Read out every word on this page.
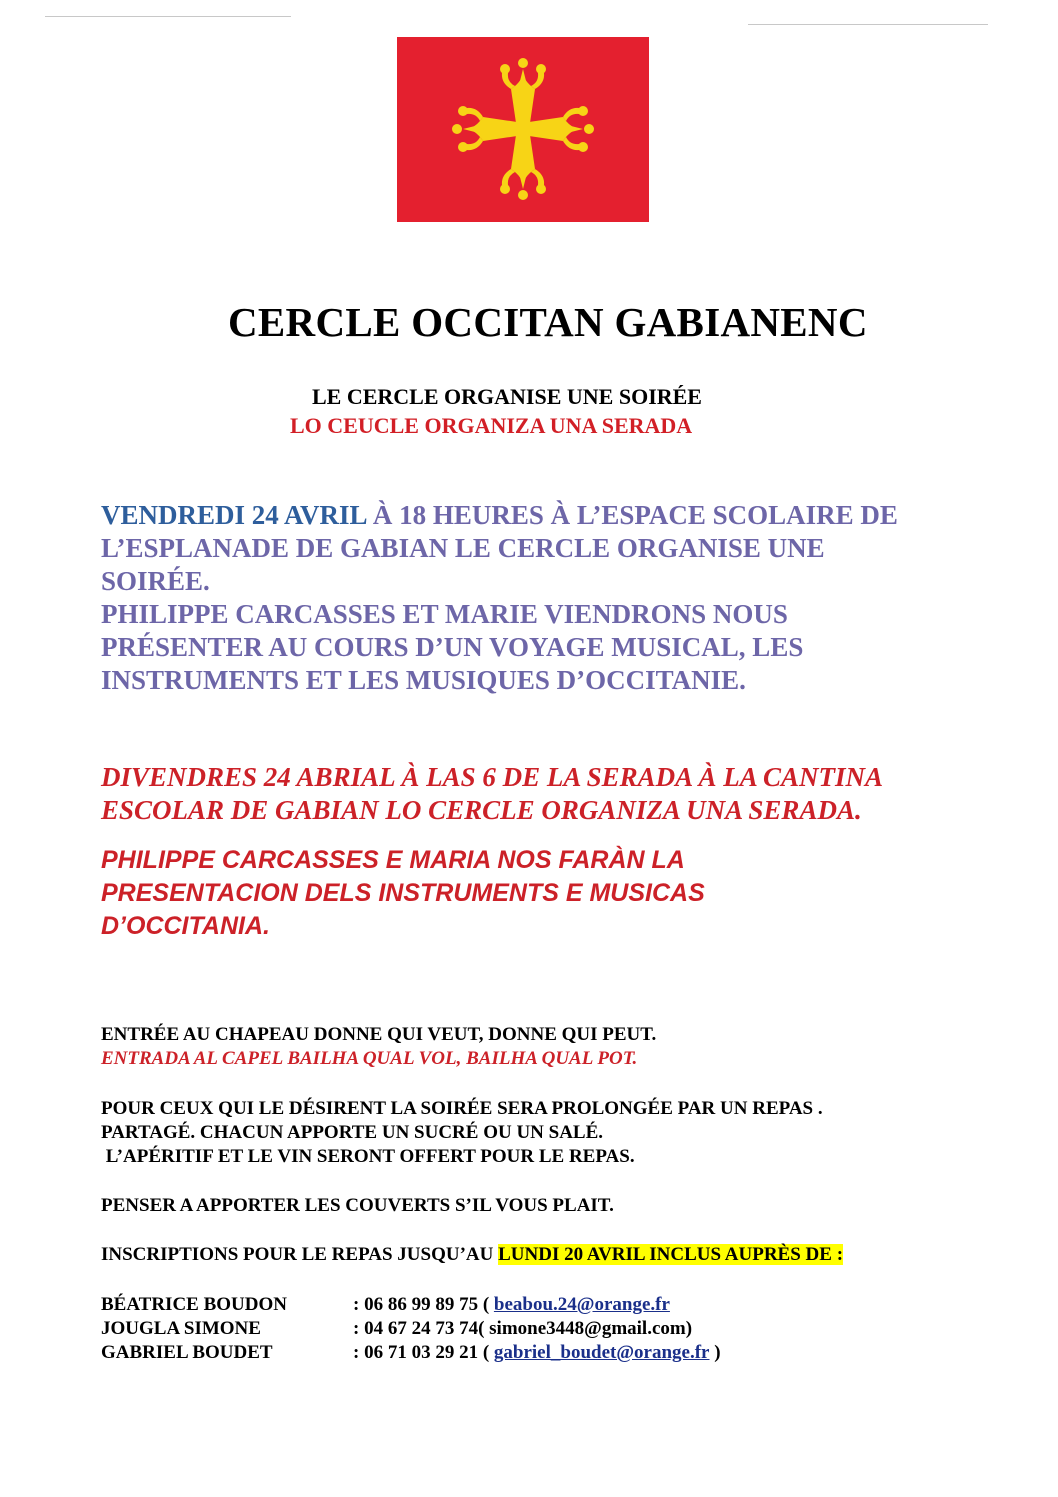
CERCLE OCCITAN GABIANENC
LE CERCLE ORGANISE UNE SOIRÉE
LO CEUCLE ORGANIZA UNA SERADA
VENDREDI 24 AVRIL À 18 HEURES À L’ESPACE SCOLAIRE DE
L’ESPLANADE DE GABIAN LE CERCLE ORGANISE UNE
SOIRÉE.
PHILIPPE CARCASSES ET MARIE VIENDRONS NOUS
PRÉSENTER AU COURS D’UN VOYAGE MUSICAL, LES
INSTRUMENTS ET LES MUSIQUES D’OCCITANIE.
DIVENDRES 24 ABRIAL À LAS 6 DE LA SERADA À LA CANTINA
ESCOLAR DE GABIAN LO CERCLE ORGANIZA UNA SERADA.
PHILIPPE CARCASSES E MARIA NOS FARÀN LA
PRESENTACION DELS INSTRUMENTS E MUSICAS
D’OCCITANIA.
ENTRÉE AU CHAPEAU DONNE QUI VEUT, DONNE QUI PEUT.
ENTRADA AL CAPEL BAILHA QUAL VOL, BAILHA QUAL POT.
POUR CEUX QUI LE DÉSIRENT LA SOIRÉE SERA PROLONGÉE PAR UN REPAS .
PARTAGÉ. CHACUN APPORTE UN SUCRÉ OU UN SALÉ.
L’APÉRITIF ET LE VIN SERONT OFFERT POUR LE REPAS.
PENSER A APPORTER LES COUVERTS S’IL VOUS PLAIT.
INSCRIPTIONS POUR LE REPAS JUSQU’AU LUNDI 20 AVRIL INCLUS AUPRÈS DE :
BÉATRICE BOUDON	: 06 86 99 89 75 ( beabou.24@orange.fr
JOUGLA SIMONE	: 04 67 24 73 74( simone3448@gmail.com)
GABRIEL BOUDET	: 06 71 03 29 21 ( gabriel_boudet@orange.fr )
